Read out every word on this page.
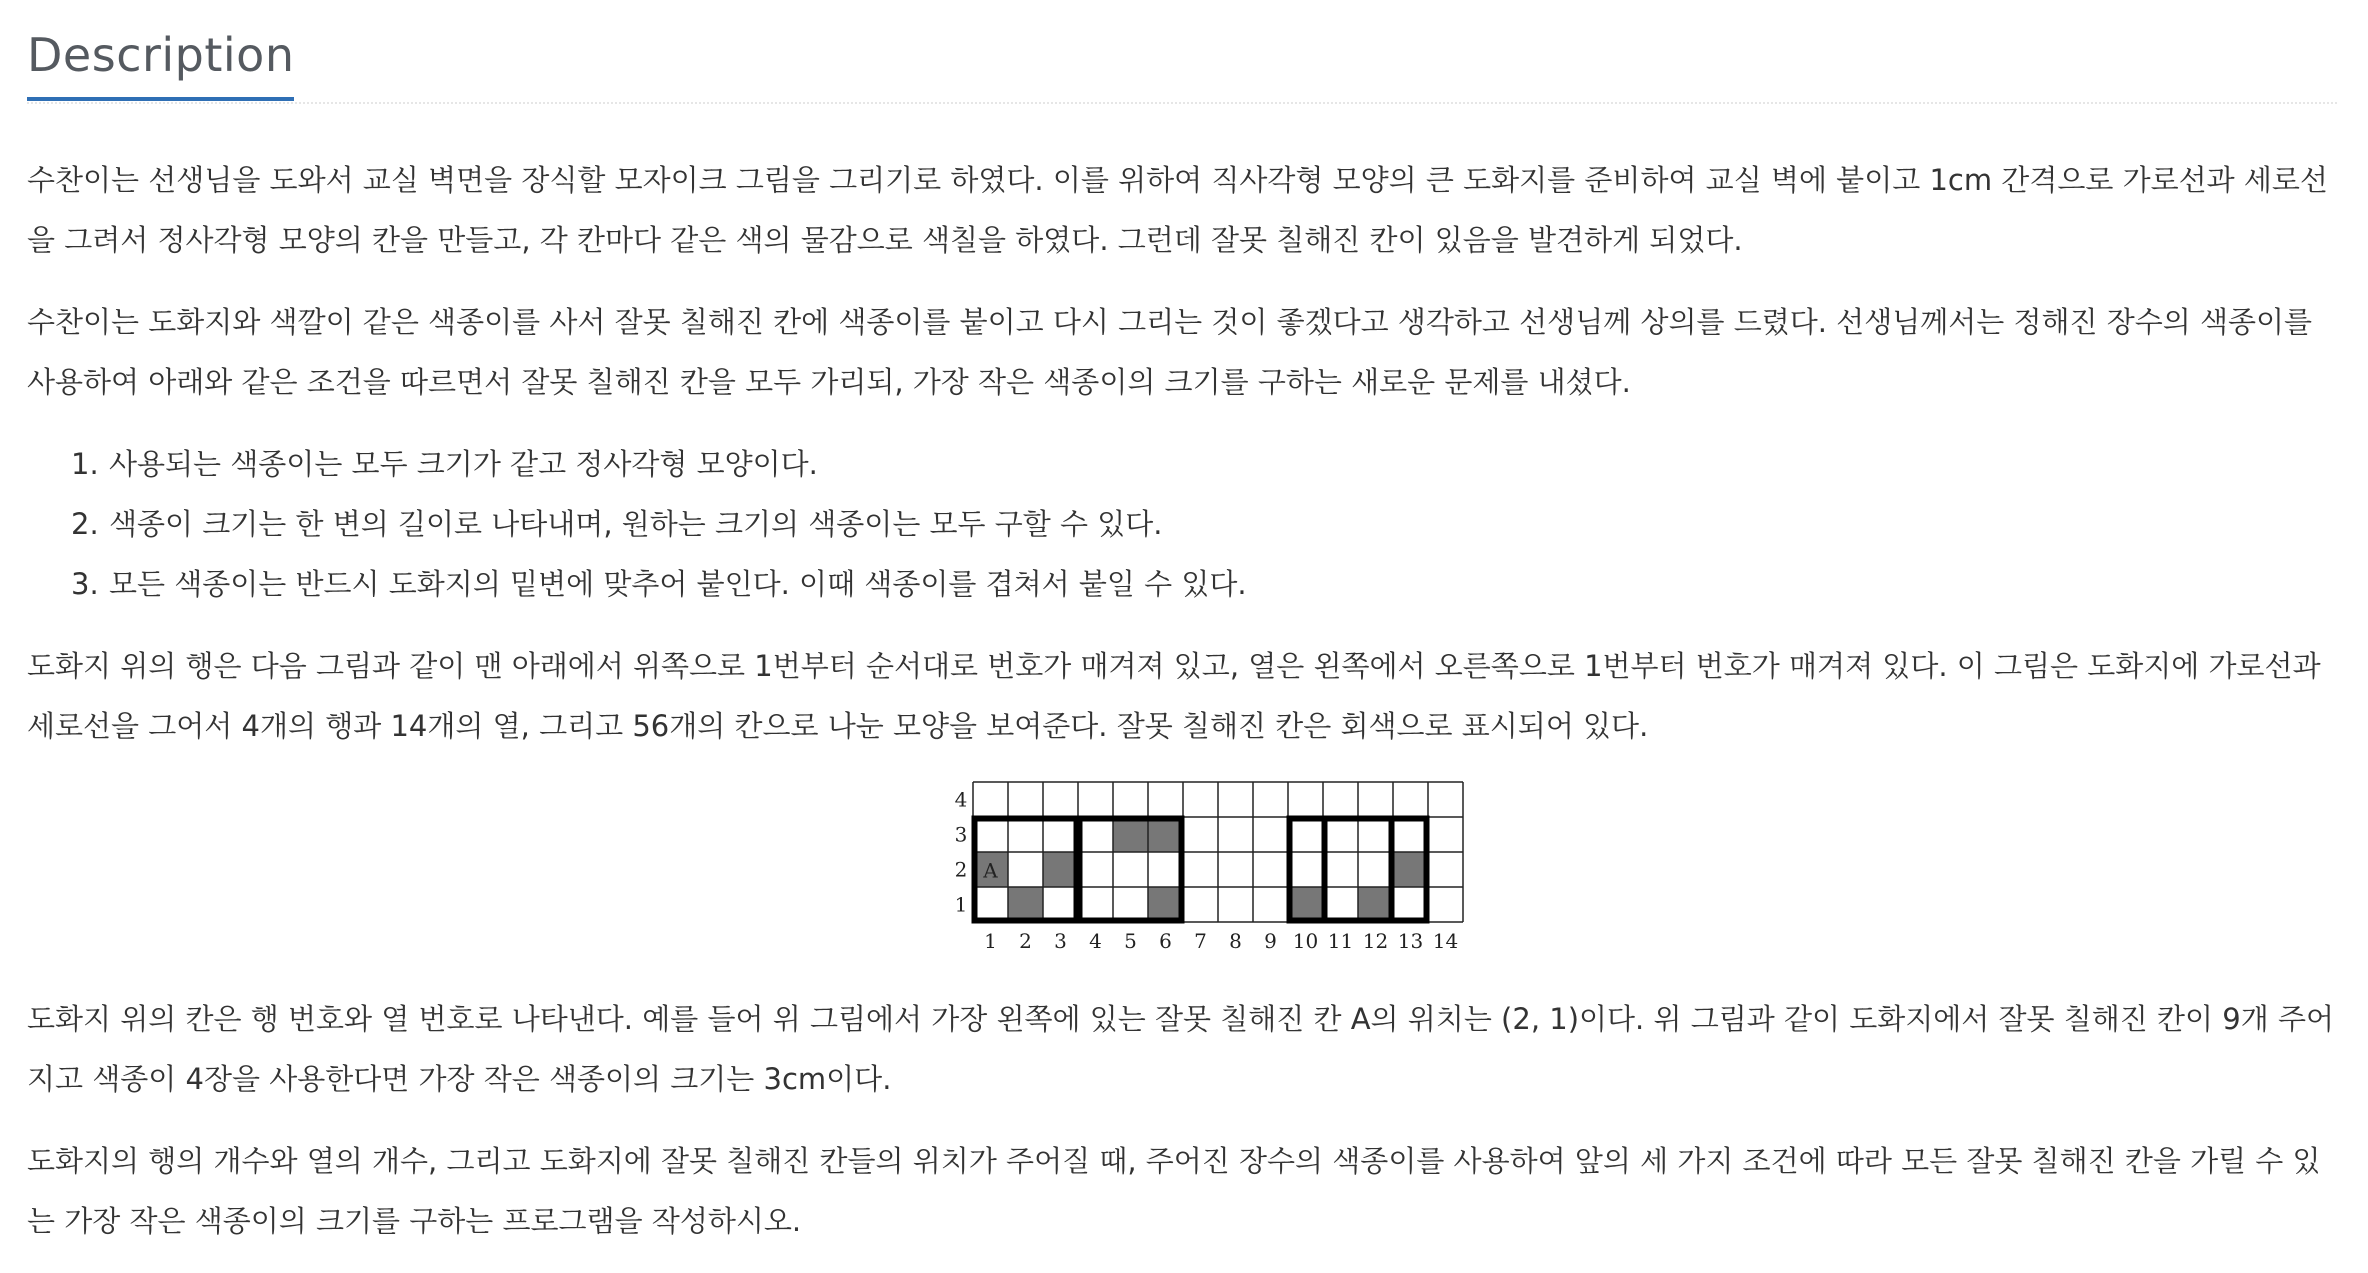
Description

수찬이는 선생님을 도와서 교실 벽면을 장식할 모자이크 그림을 그리기로 하였다. 이를 위하여 직사각형 모양의 큰 도화지를 준비하여 교실 벽에 붙이고 1cm 간격으로 가로선과 세로선을 그려서 정사각형 모양의 칸을 만들고, 각 칸마다 같은 색의 물감으로 색칠을 하였다. 그런데 잘못 칠해진 칸이 있음을 발견하게 되었다.

수찬이는 도화지와 색깔이 같은 색종이를 사서 잘못 칠해진 칸에 색종이를 붙이고 다시 그리는 것이 좋겠다고 생각하고 선생님께 상의를 드렸다. 선생님께서는 정해진 장수의 색종이를 사용하여 아래와 같은 조건을 따르면서 잘못 칠해진 칸을 모두 가리되, 가장 작은 색종이의 크기를 구하는 새로운 문제를 내셨다.

1. 사용되는 색종이는 모두 크기가 같고 정사각형 모양이다.
2. 색종이 크기는 한 변의 길이로 나타내며, 원하는 크기의 색종이는 모두 구할 수 있다.
3. 모든 색종이는 반드시 도화지의 밑변에 맞추어 붙인다. 이때 색종이를 겹쳐서 붙일 수 있다.

도화지 위의 행은 다음 그림과 같이 맨 아래에서 위쪽으로 1번부터 순서대로 번호가 매겨져 있고, 열은 왼쪽에서 오른쪽으로 1번부터 번호가 매겨져 있다. 이 그림은 도화지에 가로선과 세로선을 그어서 4개의 행과 14개의 열, 그리고 56개의 칸으로 나눈 모양을 보여준다. 잘못 칠해진 칸은 회색으로 표시되어 있다.

A
4
3
2
1
1 2 3 4 5 6 7 8 9 10 11 12 13 14

도화지 위의 칸은 행 번호와 열 번호로 나타낸다. 예를 들어 위 그림에서 가장 왼쪽에 있는 잘못 칠해진 칸 A의 위치는 (2, 1)이다. 위 그림과 같이 도화지에서 잘못 칠해진 칸이 9개 주어지고 색종이 4장을 사용한다면 가장 작은 색종이의 크기는 3cm이다.

도화지의 행의 개수와 열의 개수, 그리고 도화지에 잘못 칠해진 칸들의 위치가 주어질 때, 주어진 장수의 색종이를 사용하여 앞의 세 가지 조건에 따라 모든 잘못 칠해진 칸을 가릴 수 있는 가장 작은 색종이의 크기를 구하는 프로그램을 작성하시오.
